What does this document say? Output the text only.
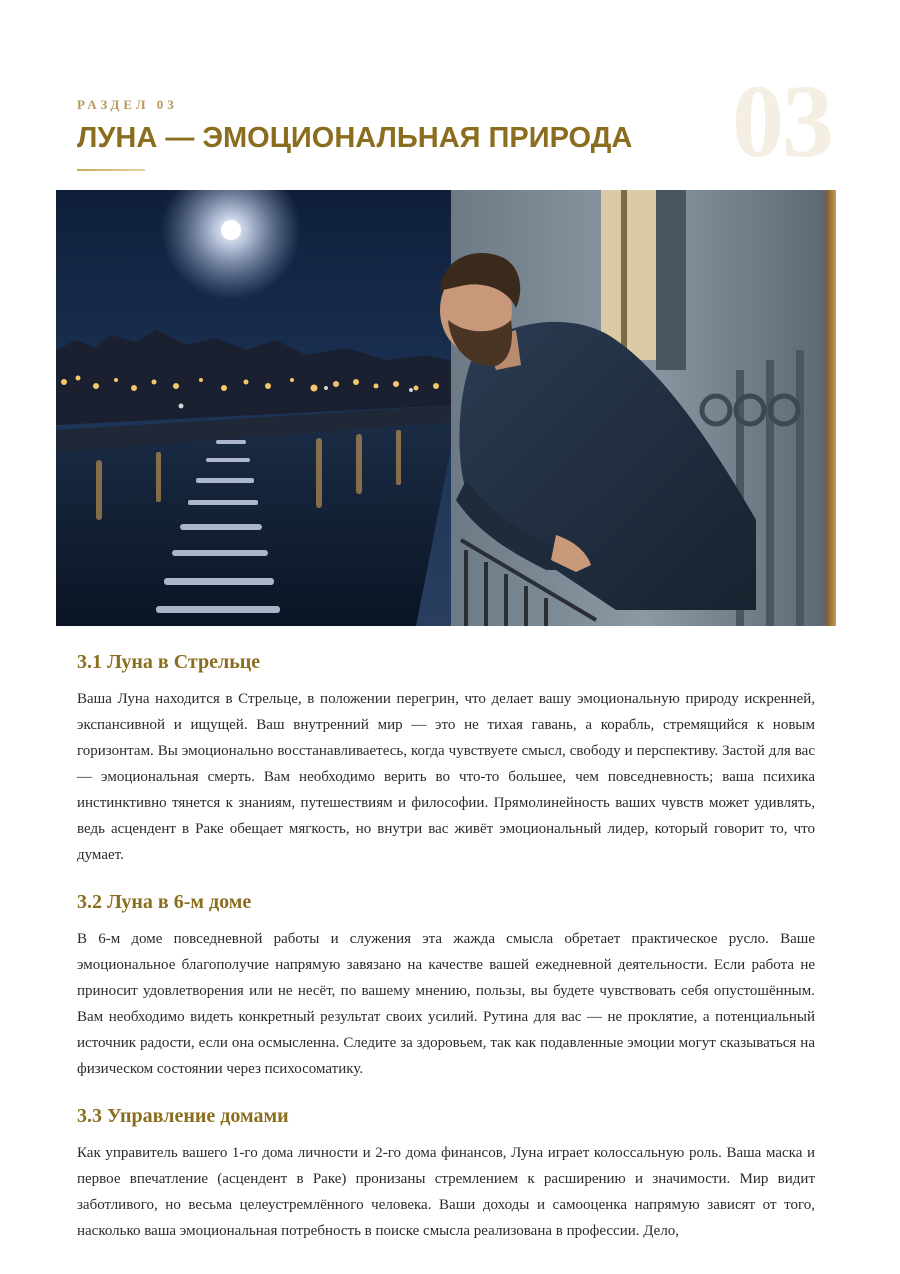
03
РАЗДЕЛ 03
ЛУНА — ЭМОЦИОНАЛЬНАЯ ПРИРОДА
3.1 Луна в Стрельце

Ваша Луна находится в Стрельце, в положении перегрин, что делает вашу эмоциональную природу искренней, экспансивной и ищущей. Ваш внутренний мир — это не тихая гавань, а корабль, стремящийся к новым горизонтам. Вы эмоционально восстанавливаетесь, когда чувствуете смысл, свободу и перспективу. Застой для вас — эмоциональная смерть. Вам необходимо верить во что-то большее, чем повседневность; ваша психика инстинктивно тянется к знаниям, путешествиям и философии. Прямолинейность ваших чувств может удивлять, ведь асцендент в Раке обещает мягкость, но внутри вас живёт эмоциональный лидер, который говорит то, что думает.

3.2 Луна в 6-м доме

В 6-м доме повседневной работы и служения эта жажда смысла обретает практическое русло. Ваше эмоциональное благополучие напрямую завязано на качестве вашей ежедневной деятельности. Если работа не приносит удовлетворения или не несёт, по вашему мнению, пользы, вы будете чувствовать себя опустошённым. Вам необходимо видеть конкретный результат своих усилий. Рутина для вас — не проклятие, а потенциальный источник радости, если она осмысленна. Следите за здоровьем, так как подавленные эмоции могут сказываться на физическом состоянии через психосоматику.

3.3 Управление домами

Как управитель вашего 1-го дома личности и 2-го дома финансов, Луна играет колоссальную роль. Ваша маска и первое впечатление (асцендент в Раке) пронизаны стремлением к расширению и значимости. Мир видит заботливого, но весьма целеустремлённого человека. Ваши доходы и самооценка напрямую зависят от того, насколько ваша эмоциональная потребность в поиске смысла реализована в профессии. Дело,
